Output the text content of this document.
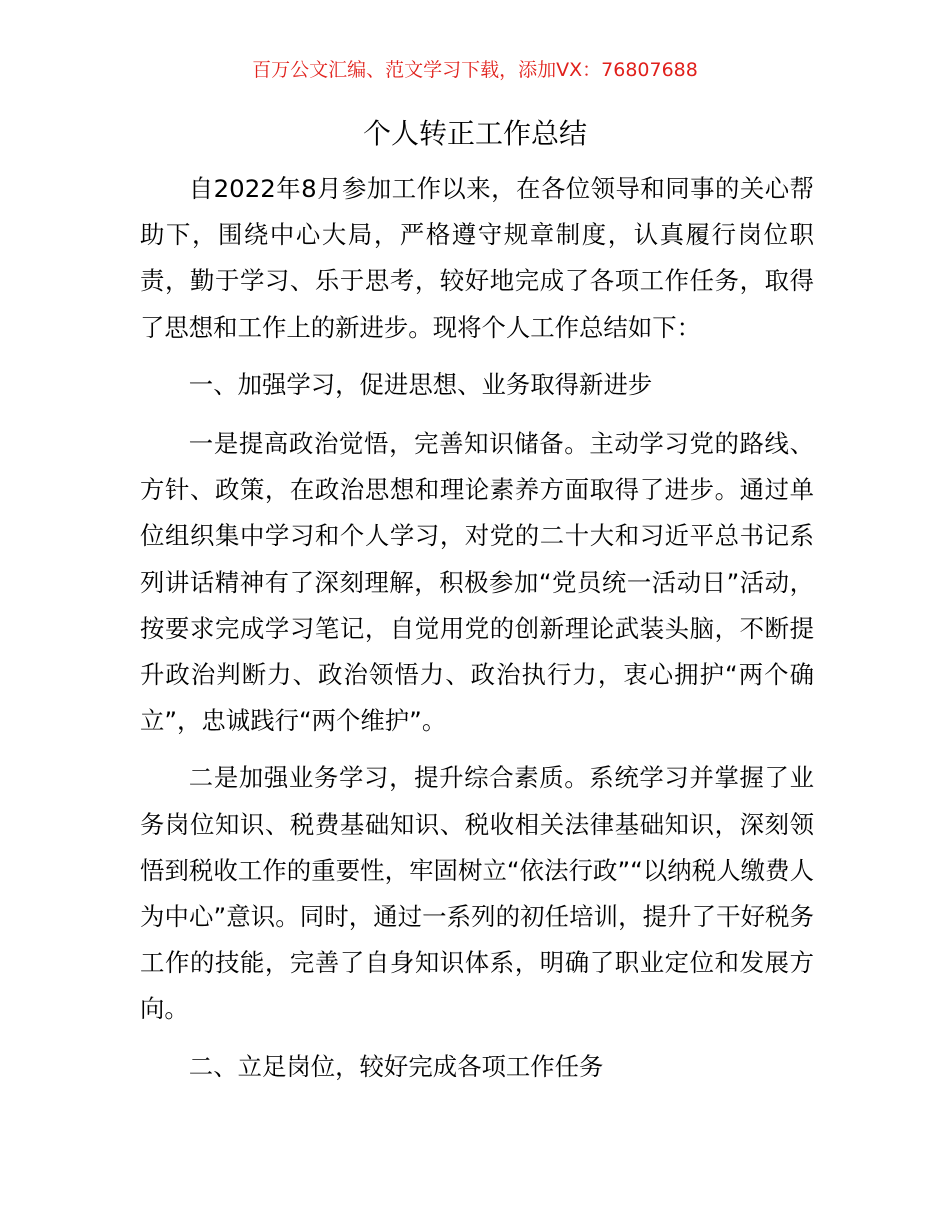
百万公文汇编、范文学习下载，添加VX：76807688
个人转正工作总结

自2022年8月参加工作以来，在各位领导和同事的关心帮助下，围绕中心大局，严格遵守规章制度，认真履行岗位职责，勤于学习、乐于思考，较好地完成了各项工作任务，取得了思想和工作上的新进步。现将个人工作总结如下：

一、加强学习，促进思想、业务取得新进步

一是提高政治觉悟，完善知识储备。主动学习党的路线、方针、政策，在政治思想和理论素养方面取得了进步。通过单位组织集中学习和个人学习，对党的二十大和习近平总书记系列讲话精神有了深刻理解，积极参加“党员统一活动日”活动，按要求完成学习笔记，自觉用党的创新理论武装头脑，不断提升政治判断力、政治领悟力、政治执行力，衷心拥护“两个确立”，忠诚践行“两个维护”。

二是加强业务学习，提升综合素质。系统学习并掌握了业务岗位知识、税费基础知识、税收相关法律基础知识，深刻领悟到税收工作的重要性，牢固树立“依法行政”“以纳税人缴费人为中心”意识。同时，通过一系列的初任培训，提升了干好税务工作的技能，完善了自身知识体系，明确了职业定位和发展方向。

二、立足岗位，较好完成各项工作任务
